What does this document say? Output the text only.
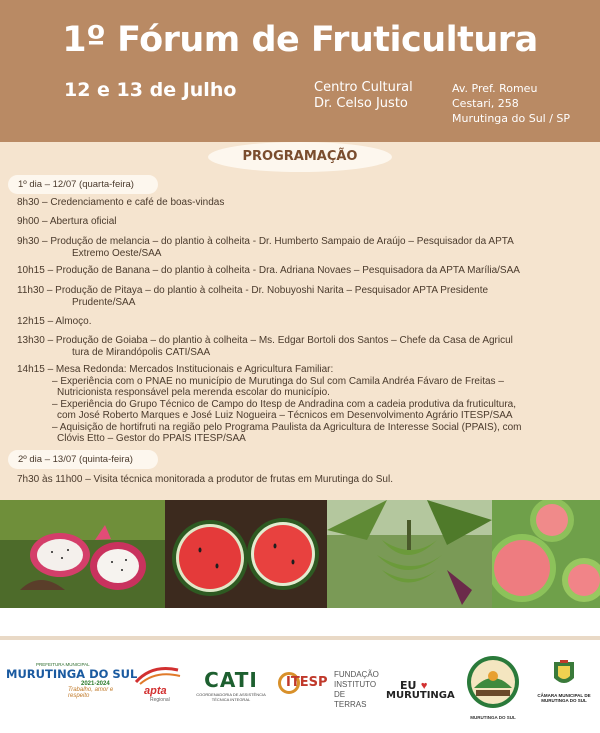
1º Fórum de Fruticultura
12 e 13 de Julho	Centro Cultural
Dr. Celso Justo
Av. Pref. Romeu
Cestari, 258
Murutinga do Sul / SP
PROGRAMAÇÃO
1º dia – 12/07 (quarta-feira)
8h30 – Credenciamento e café de boas-vindas
9h00 – Abertura oficial
9h30 – Produção de melancia – do plantio à colheita - Dr. Humberto Sampaio de Araújo – Pesquisador da APTA
Extremo Oeste/SAA
10h15 – Produção de Banana – do plantio à colheita - Dra. Adriana Novaes – Pesquisadora da APTA Marília/SAA
11h30 – Produção de Pitaya – do plantio à colheita - Dr. Nobuyoshi Narita – Pesquisador APTA Presidente
Prudente/SAA
12h15 – Almoço.
13h30 – Produção de Goiaba – do plantio à colheita – Ms. Edgar Bortoli dos Santos – Chefe da Casa de Agricul
tura de Mirandópolis CATI/SAA
14h15 – Mesa Redonda: Mercados Institucionais e Agricultura Familiar:
– Experiência com o PNAE no município de Murutinga do Sul com Camila Andréa Fávaro de Freitas –
Nutricionista responsável pela merenda escolar do município.
– Experiência do Grupo Técnico de Campo do Itesp de Andradina com a cadeia produtiva da fruticultura,
com José Roberto Marques e José Luiz Nogueira – Técnicos em Desenvolvimento Agrário ITESP/SAA
– Aquisição de hortifruti na região pelo Programa Paulista da Agricultura de Interesse Social (PPAIS), com
Clóvis Etto – Gestor do PPAIS ITESP/SAA
2º dia – 13/07 (quinta-feira)
7h30 às 11h00 – Visita técnica monitorada a produtor de frutas em Murutinga do Sul.
PREFEITURA MUNICIPAL
MURUTINGA DO SUL
2021-2024
Trabalho, amor e respeito	apta
Regional
CATI
COORDENADORIA DE ASSISTÊNCIA
TÉCNICA INTEGRAL
ITESP
FUNDAÇÃO
INSTITUTO
DE TERRAS
EU ♥
MURUTINGA
MURUTINGA DO SUL
CÂMARA MUNICIPAL DE
MURUTINGA DO SUL
